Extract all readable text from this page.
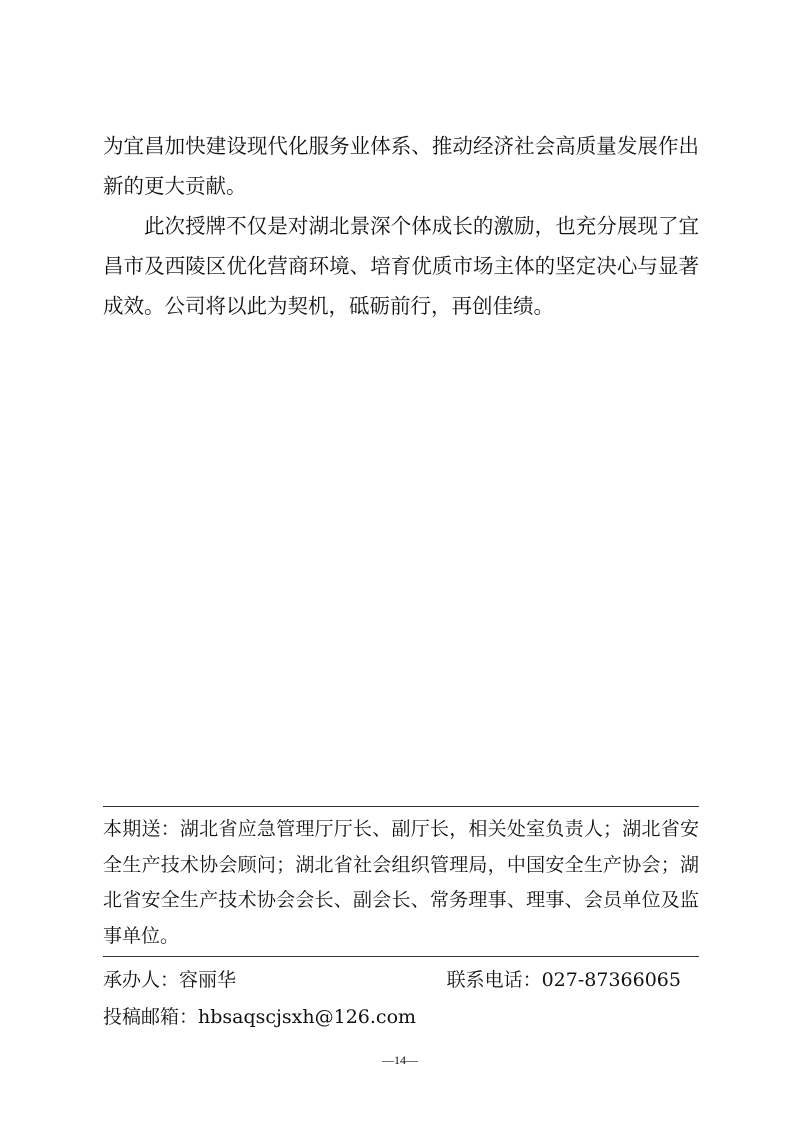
为宜昌加快建设现代化服务业体系、推动经济社会高质量发展作出新的更大贡献。

此次授牌不仅是对湖北景深个体成长的激励，也充分展现了宜昌市及西陵区优化营商环境、培育优质市场主体的坚定决心与显著成效。公司将以此为契机，砥砺前行，再创佳绩。

本期送：湖北省应急管理厅厅长、副厅长，相关处室负责人；湖北省安全生产技术协会顾问；湖北省社会组织管理局，中国安全生产协会；湖北省安全生产技术协会会长、副会长、常务理事、理事、会员单位及监事单位。
承办人：容丽华	联系电话：027-87366065
投稿邮箱：hbsaqscjsxh@126.com
—14—
